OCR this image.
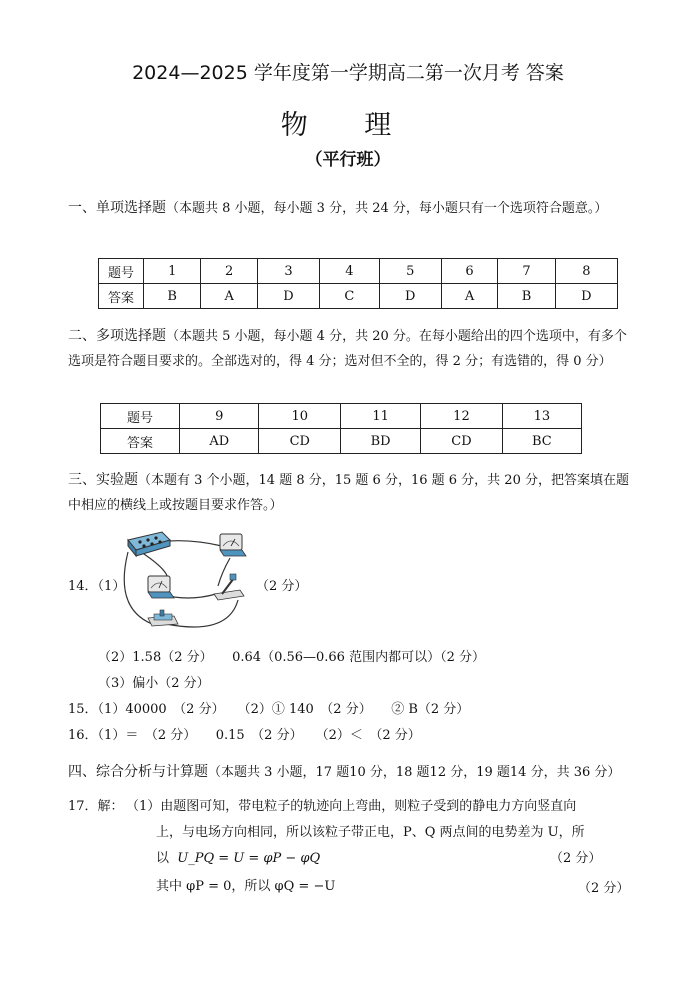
2024—2025 学年度第一学期高二第一次月考 答案
物 理
（平行班）
一、单项选择题（本题共 8 小题，每小题 3 分，共 24 分，每小题只有一个选项符合题意。）
题号	1	2	3	4	5	6	7	8
答案	B	A	D	C	D	A	B	D
二、多项选择题（本题共 5 小题，每小题 4 分，共 20 分。在每小题给出的四个选项中，有多个选项是符合题目要求的。全部选对的，得 4 分；选对但不全的，得 2 分；有选错的，得 0 分）
题号	9	10	11	12	13
答案	AD	CD	BD	CD	BC
三、实验题（本题有 3 个小题，14 题 8 分，15 题 6 分，16 题 6 分，共 20 分，把答案填在题中相应的横线上或按题目要求作答。）
14．（1）	（2 分）
（2）1.58（2 分）　　0.64（0.56—0.66 范围内都可以）（2 分）
（3）偏小（2 分）
15．（1）40000　（2 分）　　（2）① 140　（2 分）　　② B（2 分）
16．（1）＝　（2 分）　　0.15　（2 分）　　（2）＜　（2 分）
四、综合分析与计算题（本题共 3 小题，17 题10 分，18 题12 分，19 题14 分，共 36 分）
17．解： （1）由题图可知，带电粒子的轨迹向上弯曲，则粒子受到的静电力方向竖直向
上，与电场方向相同，所以该粒子带正电，P、Q 两点间的电势差为 U，所
以 U_PQ = U = φP − φQ	（2 分）
其中 φP = 0，所以 φQ = −U	（2 分）
